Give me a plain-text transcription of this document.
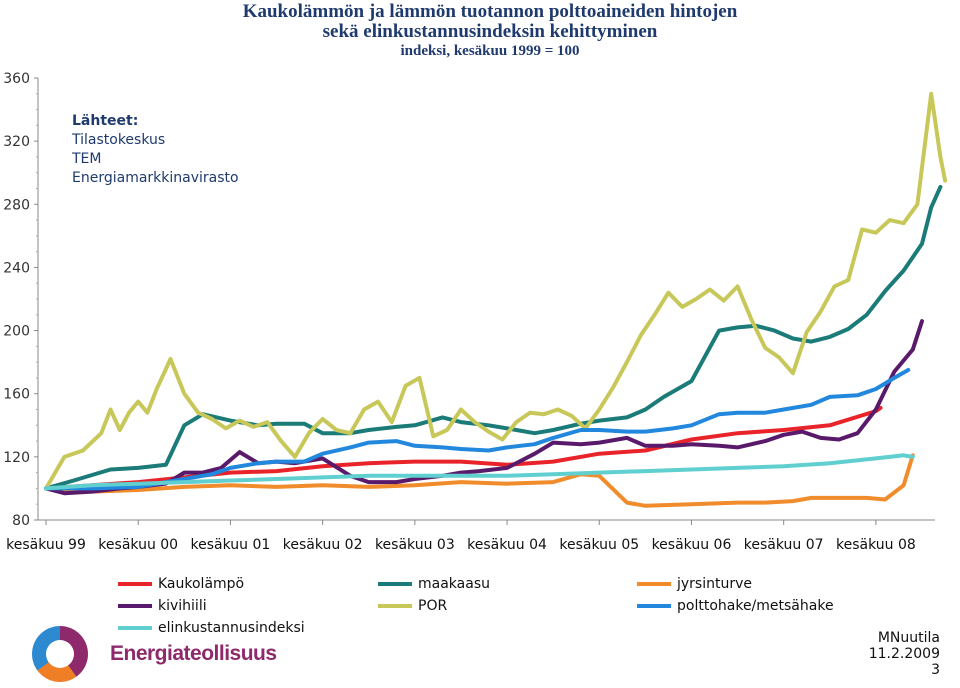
Kaukolämmön ja lämmön tuotannon polttoaineiden hintojen
sekä elinkustannusindeksin kehittyminen
indeksi, kesäkuu 1999 = 100
80
120
160
200
240
280
320
360
kesäkuu 99 kesäkuu 00 kesäkuu 01 kesäkuu 02 kesäkuu 03 kesäkuu 04 kesäkuu 05 kesäkuu 06 kesäkuu 07 kesäkuu 08
Lähteet:
Tilastokeskus
TEM
Energiamarkkinavirasto
Kaukolämpö	maakaasu	jyrsinturve
kivihiili	POR	polttohake/metsähake
elinkustannusindeksi
Energiateollisuus
MNuutila
11.2.2009
3
